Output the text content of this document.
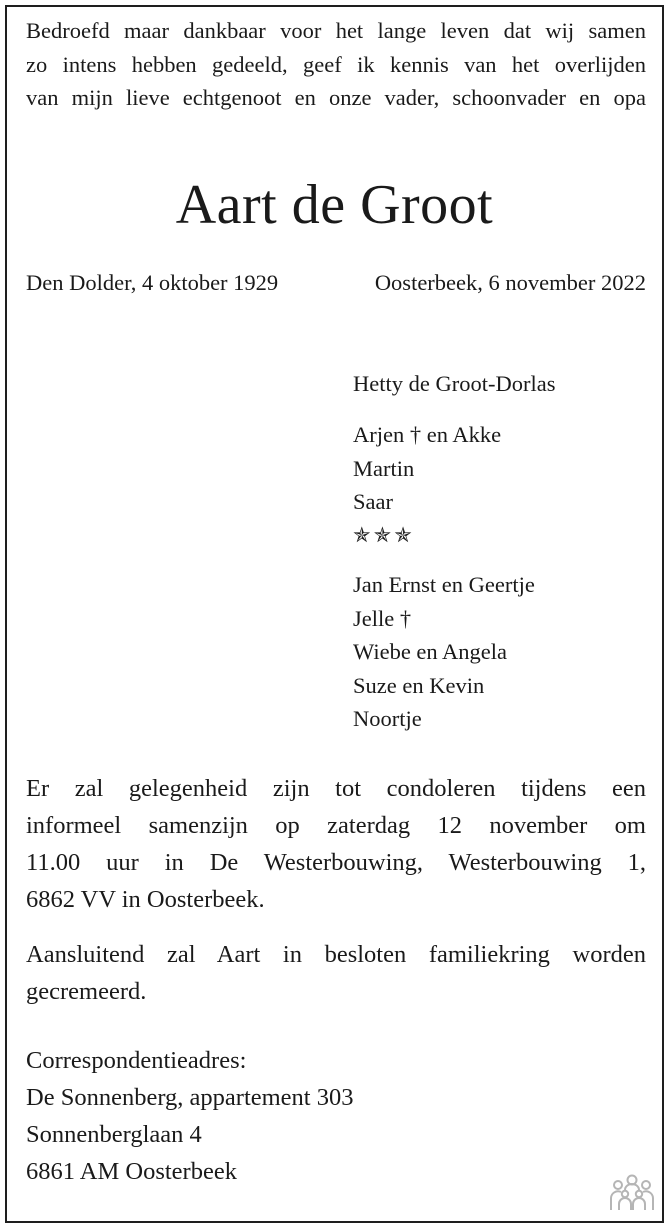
Bedroefd maar dankbaar voor het lange leven dat wij samen
zo intens hebben gedeeld, geef ik kennis van het overlijden
van mijn lieve echtgenoot en onze vader, schoonvader en opa
Aart de Groot
Den Dolder, 4 oktober 1929	Oosterbeek, 6 november 2022
Hetty de Groot-Dorlas
Arjen † en Akke
Martin
Saar
✯✯✯
Jan Ernst en Geertje
Jelle †
Wiebe en Angela
Suze en Kevin
Noortje
Er zal gelegenheid zijn tot condoleren tijdens een
informeel samenzijn op zaterdag 12 november om
11.00 uur in De Westerbouwing, Westerbouwing 1,
6862 VV in Oosterbeek.
Aansluitend zal Aart in besloten familiekring worden
gecremeerd.
Correspondentieadres:
De Sonnenberg, appartement 303
Sonnenberglaan 4
6861 AM Oosterbeek
